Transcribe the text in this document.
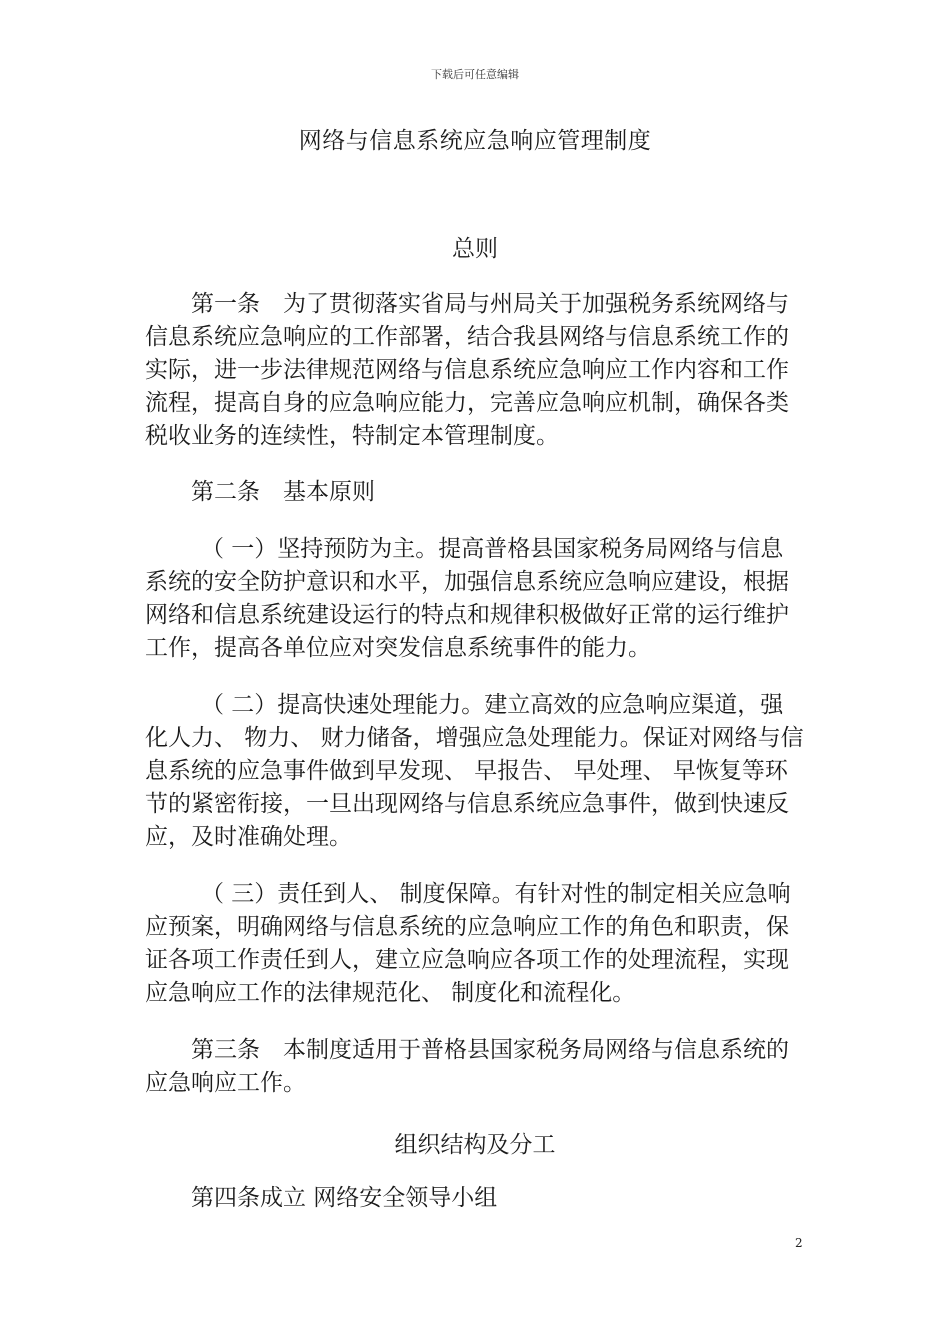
下载后可任意编辑
网络与信息系统应急响应管理制度
总则

第一条　为了贯彻落实省局与州局关于加强税务系统网络与信息系统应急响应的工作部署，结合我县网络与信息系统工作的实际，进一步法律规范网络与信息系统应急响应工作内容和工作流程，提高自身的应急响应能力，完善应急响应机制，确保各类税收业务的连续性，特制定本管理制度。

第二条　基本原则

（ 一）坚持预防为主。提高普格县国家税务局网络与信息系统的安全防护意识和水平，加强信息系统应急响应建设，根据网络和信息系统建设运行的特点和规律积极做好正常的运行维护工作，提高各单位应对突发信息系统事件的能力。

（ 二）提高快速处理能力。建立高效的应急响应渠道，强化人力、 物力、 财力储备，增强应急处理能力。保证对网络与信息系统的应急事件做到早发现、 早报告、 早处理、 早恢复等环节的紧密衔接，一旦出现网络与信息系统应急事件，做到快速反应，及时准确处理。

（ 三）责任到人、 制度保障。有针对性的制定相关应急响应预案，明确网络与信息系统的应急响应工作的角色和职责，保证各项工作责任到人，建立应急响应各项工作的处理流程，实现应急响应工作的法律规范化、 制度化和流程化。

第三条　本制度适用于普格县国家税务局网络与信息系统的应急响应工作。

组织结构及分工

第四条成立 网络安全领导小组

2
